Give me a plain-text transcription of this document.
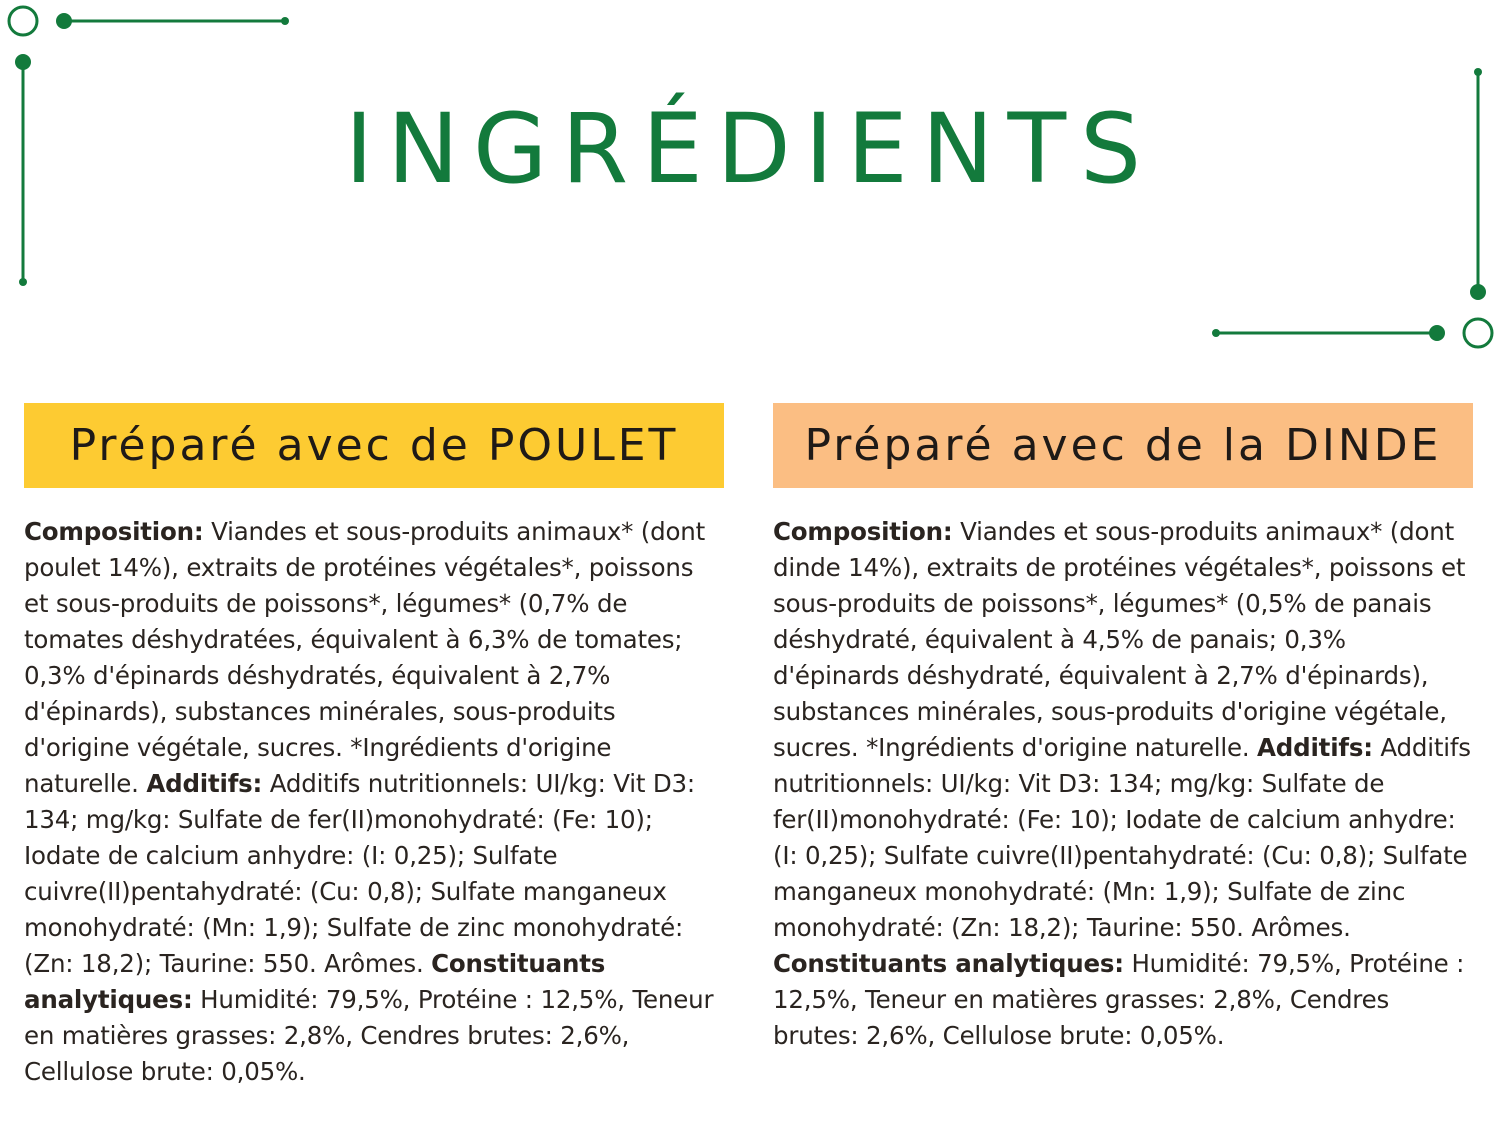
INGRÉDIENTS
Préparé avec de POULET
Composition: Viandes et sous-produits animaux* (dont poulet 14%), extraits de protéines végétales*, poissons et sous-produits de poissons*, légumes* (0,7% de tomates déshydratées, équivalent à 6,3% de tomates; 0,3% d'épinards déshydratés, équivalent à 2,7% d'épinards), substances minérales, sous-produits d'origine végétale, sucres. *Ingrédients d'origine naturelle. Additifs: Additifs nutritionnels: UI/kg: Vit D3: 134; mg/kg: Sulfate de fer(II)monohydraté: (Fe: 10); Iodate de calcium anhydre: (I: 0,25); Sulfate cuivre(II)pentahydraté: (Cu: 0,8); Sulfate manganeux monohydraté: (Mn: 1,9); Sulfate de zinc monohydraté: (Zn: 18,2); Taurine: 550. Arômes. Constituants analytiques: Humidité: 79,5%, Protéine : 12,5%, Teneur en matières grasses: 2,8%, Cendres brutes: 2,6%, Cellulose brute: 0,05%.
Préparé avec de la DINDE
Composition: Viandes et sous-produits animaux* (dont dinde 14%), extraits de protéines végétales*, poissons et sous-produits de poissons*, légumes* (0,5% de panais déshydraté, équivalent à 4,5% de panais; 0,3% d'épinards déshydraté, équivalent à 2,7% d'épinards), substances minérales, sous-produits d'origine végétale, sucres. *Ingrédients d'origine naturelle. Additifs: Additifs nutritionnels: UI/kg: Vit D3: 134; mg/kg: Sulfate de fer(II)monohydraté: (Fe: 10); Iodate de calcium anhydre: (I: 0,25); Sulfate cuivre(II)pentahydraté: (Cu: 0,8); Sulfate manganeux monohydraté: (Mn: 1,9); Sulfate de zinc monohydraté: (Zn: 18,2); Taurine: 550. Arômes. Constituants analytiques: Humidité: 79,5%, Protéine : 12,5%, Teneur en matières grasses: 2,8%, Cendres brutes: 2,6%, Cellulose brute: 0,05%.
